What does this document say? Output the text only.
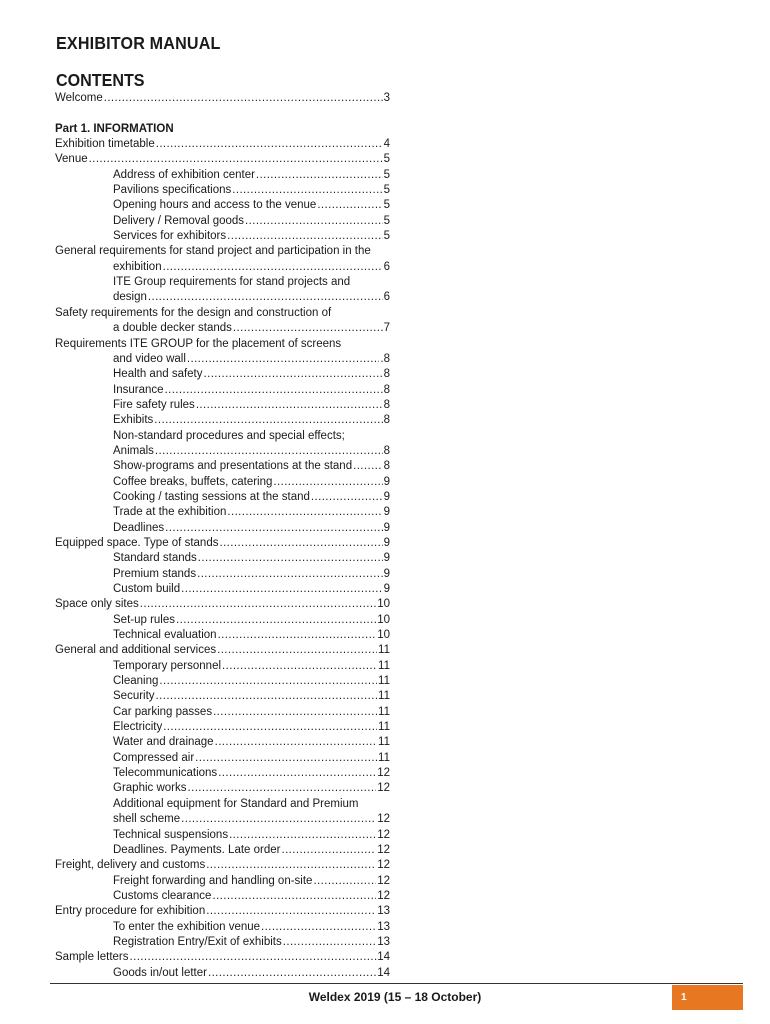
EXHIBITOR MANUAL
CONTENTS
Welcome .....	3
Part 1. INFORMATION
Exhibition timetable .....	4
Venue .....	5
Address of exhibition center .....	5
Pavilions specifications .....	5
Opening hours and access to the venue .....	5
Delivery / Removal goods .....	5
Services for exhibitors .....	5
General requirements for stand project and participation in the
exhibition .....	6
ITE Group requirements for stand projects and
design .....	6
Safety requirements for the design and construction of
a double decker stands .....	.7
Requirements ITE GROUP for the placement of screens
and video wall .....	.8
Health and safety .....	8
Insurance .....	8
Fire safety rules .....	8
Exhibits .....	8
Non-standard procedures and special effects;
Animals .....	8
Show-programs and presentations at the stand .....	8
Coffee breaks, buffets, catering .....	9
Cooking / tasting sessions at the stand .....	9
Trade at the exhibition .....	9
Deadlines .....	9
Equipped space. Type of stands .....	9
Standard stands .....	9
Premium stands .....	9
Custom build .....	9
Space only sites .....	10
Set-up rules .....	10
Technical evaluation .....	10
General and additional services .....	11
Temporary personnel .....	11
Cleaning .....	11
Security .....	11
Car parking passes .....	11
Electricity .....	11
Water and drainage .....	11
Compressed air .....	11
Telecommunications .....	12
Graphic works .....	12
Additional equipment for Standard and Premium
shell scheme .....	12
Technical suspensions .....	12
Deadlines. Payments. Late order .....	12
Freight, delivery and customs .....	12
Freight forwarding and handling on-site .....	12
Customs clearance .....	12
Entry procedure for exhibition .....	13
To enter the exhibition venue .....	13
Registration Entry/Exit of exhibits .....	13
Sample letters .....	.14
Goods in/out letter .....	14
Weldex 2019 (15 – 18 October)	1
